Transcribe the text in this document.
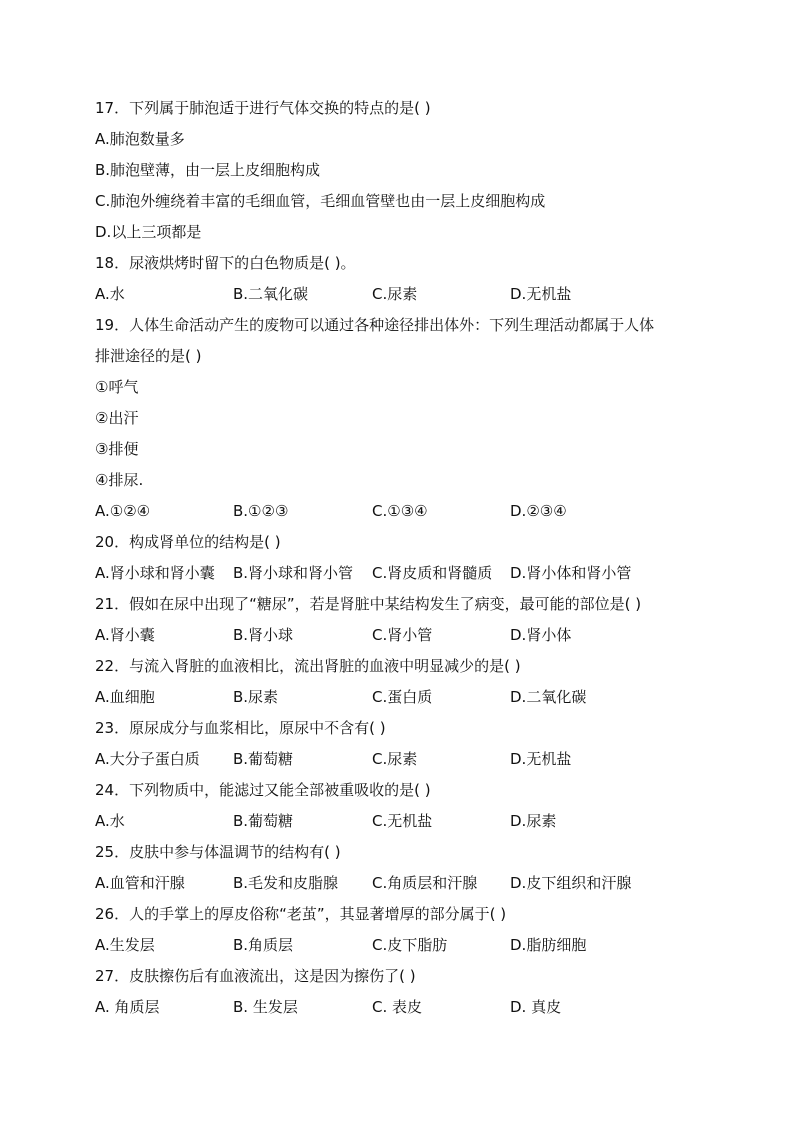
17．下列属于肺泡适于进行气体交换的特点的是( )
A.肺泡数量多
B.肺泡壁薄，由一层上皮细胞构成
C.肺泡外缠绕着丰富的毛细血管，毛细血管壁也由一层上皮细胞构成
D.以上三项都是
18．尿液烘烤时留下的白色物质是( )。
A.水	B.二氧化碳	C.尿素	D.无机盐
19．人体生命活动产生的废物可以通过各种途径排出体外：下列生理活动都属于人体
排泄途径的是( )
①呼气
②出汗
③排便
④排尿.
A.①②④	B.①②③	C.①③④	D.②③④
20．构成肾单位的结构是( )
A.肾小球和肾小囊 B.肾小球和肾小管 C.肾皮质和肾髓质 D.肾小体和肾小管
21．假如在尿中出现了“糖尿”，若是肾脏中某结构发生了病变，最可能的部位是( )
A.肾小囊	B.肾小球	C.肾小管	D.肾小体
22．与流入肾脏的血液相比，流出肾脏的血液中明显减少的是( )
A.血细胞	B.尿素	C.蛋白质	D.二氧化碳
23．原尿成分与血浆相比，原尿中不含有( )
A.大分子蛋白质 B.葡萄糖	C.尿素	D.无机盐
24．下列物质中，能滤过又能全部被重吸收的是( )
A.水	B.葡萄糖	C.无机盐	D.尿素
25．皮肤中参与体温调节的结构有( )
A.血管和汗腺	B.毛发和皮脂腺 C.角质层和汗腺 D.皮下组织和汗腺
26．人的手掌上的厚皮俗称“老茧”，其显著增厚的部分属于( )
A.生发层	B.角质层	C.皮下脂肪	D.脂肪细胞
27．皮肤擦伤后有血液流出，这是因为擦伤了( )
A. 角质层	B. 生发层	C. 表皮	D. 真皮
